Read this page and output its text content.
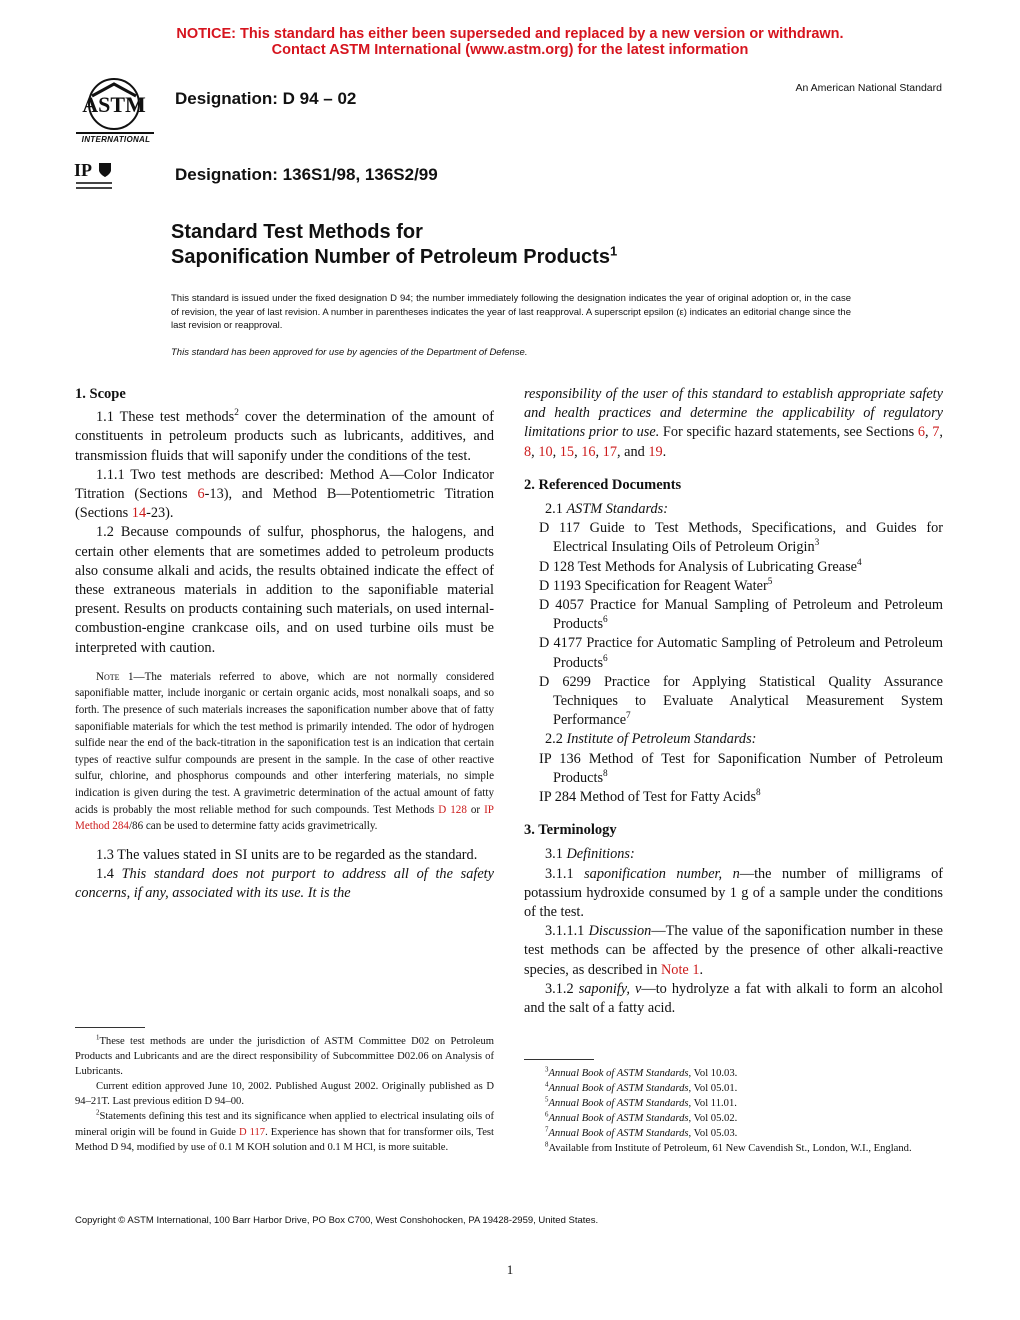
NOTICE: This standard has either been superseded and replaced by a new version or withdrawn.
Contact ASTM International (www.astm.org) for the latest information
ASTM
INTERNATIONAL
IP
Designation: D 94 – 02
Designation: 136S1/98, 136S2/99
An American National Standard
Standard Test Methods for
Saponification Number of Petroleum Products$^1$
This standard is issued under the fixed designation D 94; the number immediately following the designation indicates the year of original adoption or, in the case of revision, the year of last revision. A number in parentheses indicates the year of last reapproval. A superscript epsilon (ε) indicates an editorial change since the last revision or reapproval.
This standard has been approved for use by agencies of the Department of Defense.

1. Scope

1.1 These test methods$^2$ cover the determination of the amount of constituents in petroleum products such as lubricants, additives, and transmission fluids that will saponify under the conditions of the test.

1.1.1 Two test methods are described: Method A—Color Indicator Titration (Sections 6-13), and Method B—Potentiometric Titration (Sections 14-23).

1.2 Because compounds of sulfur, phosphorus, the halogens, and certain other elements that are sometimes added to petroleum products also consume alkali and acids, the results obtained indicate the effect of these extraneous materials in addition to the saponifiable material present. Results on products containing such materials, on used internal-combustion-engine crankcase oils, and on used turbine oils must be interpreted with caution.

Note 1—The materials referred to above, which are not normally considered saponifiable matter, include inorganic or certain organic acids, most nonalkali soaps, and so forth. The presence of such materials increases the saponification number above that of fatty saponifiable materials for which the test method is primarily intended. The odor of hydrogen sulfide near the end of the back-titration in the saponification test is an indication that certain types of reactive sulfur compounds are present in the sample. In the case of other reactive sulfur, chlorine, and phosphorus compounds and other interfering materials, no simple indication is given during the test. A gravimetric determination of the actual amount of fatty acids is probably the most reliable method for such compounds. Test Methods D 128 or IP Method 284/86 can be used to determine fatty acids gravimetrically.

1.3 The values stated in SI units are to be regarded as the standard.

1.4 This standard does not purport to address all of the safety concerns, if any, associated with its use. It is the

$^1$These test methods are under the jurisdiction of ASTM Committee D02 on Petroleum Products and Lubricants and are the direct responsibility of Subcommittee D02.06 on Analysis of Lubricants.
Current edition approved June 10, 2002. Published August 2002. Originally published as D 94–21T. Last previous edition D 94–00.
$^2$Statements defining this test and its significance when applied to electrical insulating oils of mineral origin will be found in Guide D 117. Experience has shown that for transformer oils, Test Method D 94, modified by use of 0.1 M KOH solution and 0.1 M HCl, is more suitable.

responsibility of the user of this standard to establish appropriate safety and health practices and determine the applicability of regulatory limitations prior to use. For specific hazard statements, see Sections 6, 7, 8, 10, 15, 16, 17, and 19.

2. Referenced Documents

2.1 ASTM Standards:

D 117 Guide to Test Methods, Specifications, and Guides for Electrical Insulating Oils of Petroleum Origin$^3$
D 128 Test Methods for Analysis of Lubricating Grease$^4$
D 1193 Specification for Reagent Water$^5$
D 4057 Practice for Manual Sampling of Petroleum and Petroleum Products$^6$
D 4177 Practice for Automatic Sampling of Petroleum and Petroleum Products$^6$
D 6299 Practice for Applying Statistical Quality Assurance Techniques to Evaluate Analytical Measurement System Performance$^7$

2.2 Institute of Petroleum Standards:

IP 136 Method of Test for Saponification Number of Petroleum Products$^8$
IP 284 Method of Test for Fatty Acids$^8$

3. Terminology

3.1 Definitions:

3.1.1 saponification number, n—the number of milligrams of potassium hydroxide consumed by 1 g of a sample under the conditions of the test.

3.1.1.1 Discussion—The value of the saponification number in these test methods can be affected by the presence of other alkali-reactive species, as described in Note 1.

3.1.2 saponify, v—to hydrolyze a fat with alkali to form an alcohol and the salt of a fatty acid.

$^3$Annual Book of ASTM Standards, Vol 10.03.
$^4$Annual Book of ASTM Standards, Vol 05.01.
$^5$Annual Book of ASTM Standards, Vol 11.01.
$^6$Annual Book of ASTM Standards, Vol 05.02.
$^7$Annual Book of ASTM Standards, Vol 05.03.
$^8$Available from Institute of Petroleum, 61 New Cavendish St., London, W.I., England.
Copyright © ASTM International, 100 Barr Harbor Drive, PO Box C700, West Conshohocken, PA 19428-2959, United States.
1
